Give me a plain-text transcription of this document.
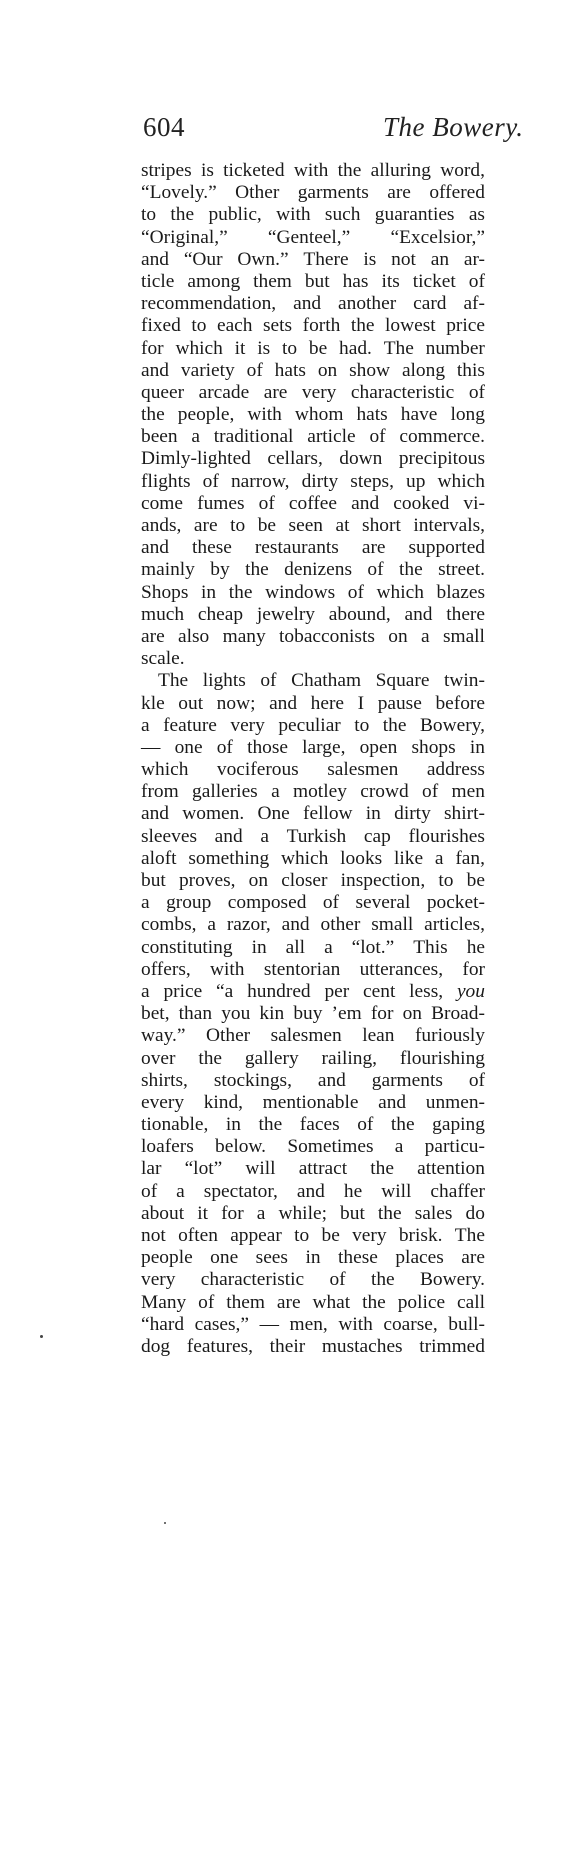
604	The Bowery.
stripes is ticketed with the alluring word,
“Lovely.” Other garments are offered
to the public, with such guaranties as
“Original,” “Genteel,” “Excelsior,”
and “Our Own.” There is not an ar-
ticle among them but has its ticket of
recommendation, and another card af-
fixed to each sets forth the lowest price
for which it is to be had. The number
and variety of hats on show along this
queer arcade are very characteristic of
the people, with whom hats have long
been a traditional article of commerce.
Dimly-lighted cellars, down precipitous
flights of narrow, dirty steps, up which
come fumes of coffee and cooked vi-
ands, are to be seen at short intervals,
and these restaurants are supported
mainly by the denizens of the street.
Shops in the windows of which blazes
much cheap jewelry abound, and there
are also many tobacconists on a small
scale.
The lights of Chatham Square twin-
kle out now; and here I pause before
a feature very peculiar to the Bowery,
— one of those large, open shops in
which vociferous salesmen address
from galleries a motley crowd of men
and women. One fellow in dirty shirt-
sleeves and a Turkish cap flourishes
aloft something which looks like a fan,
but proves, on closer inspection, to be
a group composed of several pocket-
combs, a razor, and other small articles,
constituting in all a “lot.” This he
offers, with stentorian utterances, for
a price “a hundred per cent less, you
bet, than you kin buy ’em for on Broad-
way.” Other salesmen lean furiously
over the gallery railing, flourishing
shirts, stockings, and garments of
every kind, mentionable and unmen-
tionable, in the faces of the gaping
loafers below. Sometimes a particu-
lar “lot” will attract the attention
of a spectator, and he will chaffer
about it for a while; but the sales do
not often appear to be very brisk. The
people one sees in these places are
very characteristic of the Bowery.
Many of them are what the police call
“hard cases,” — men, with coarse, bull-
dog features, their mustaches trimmed
